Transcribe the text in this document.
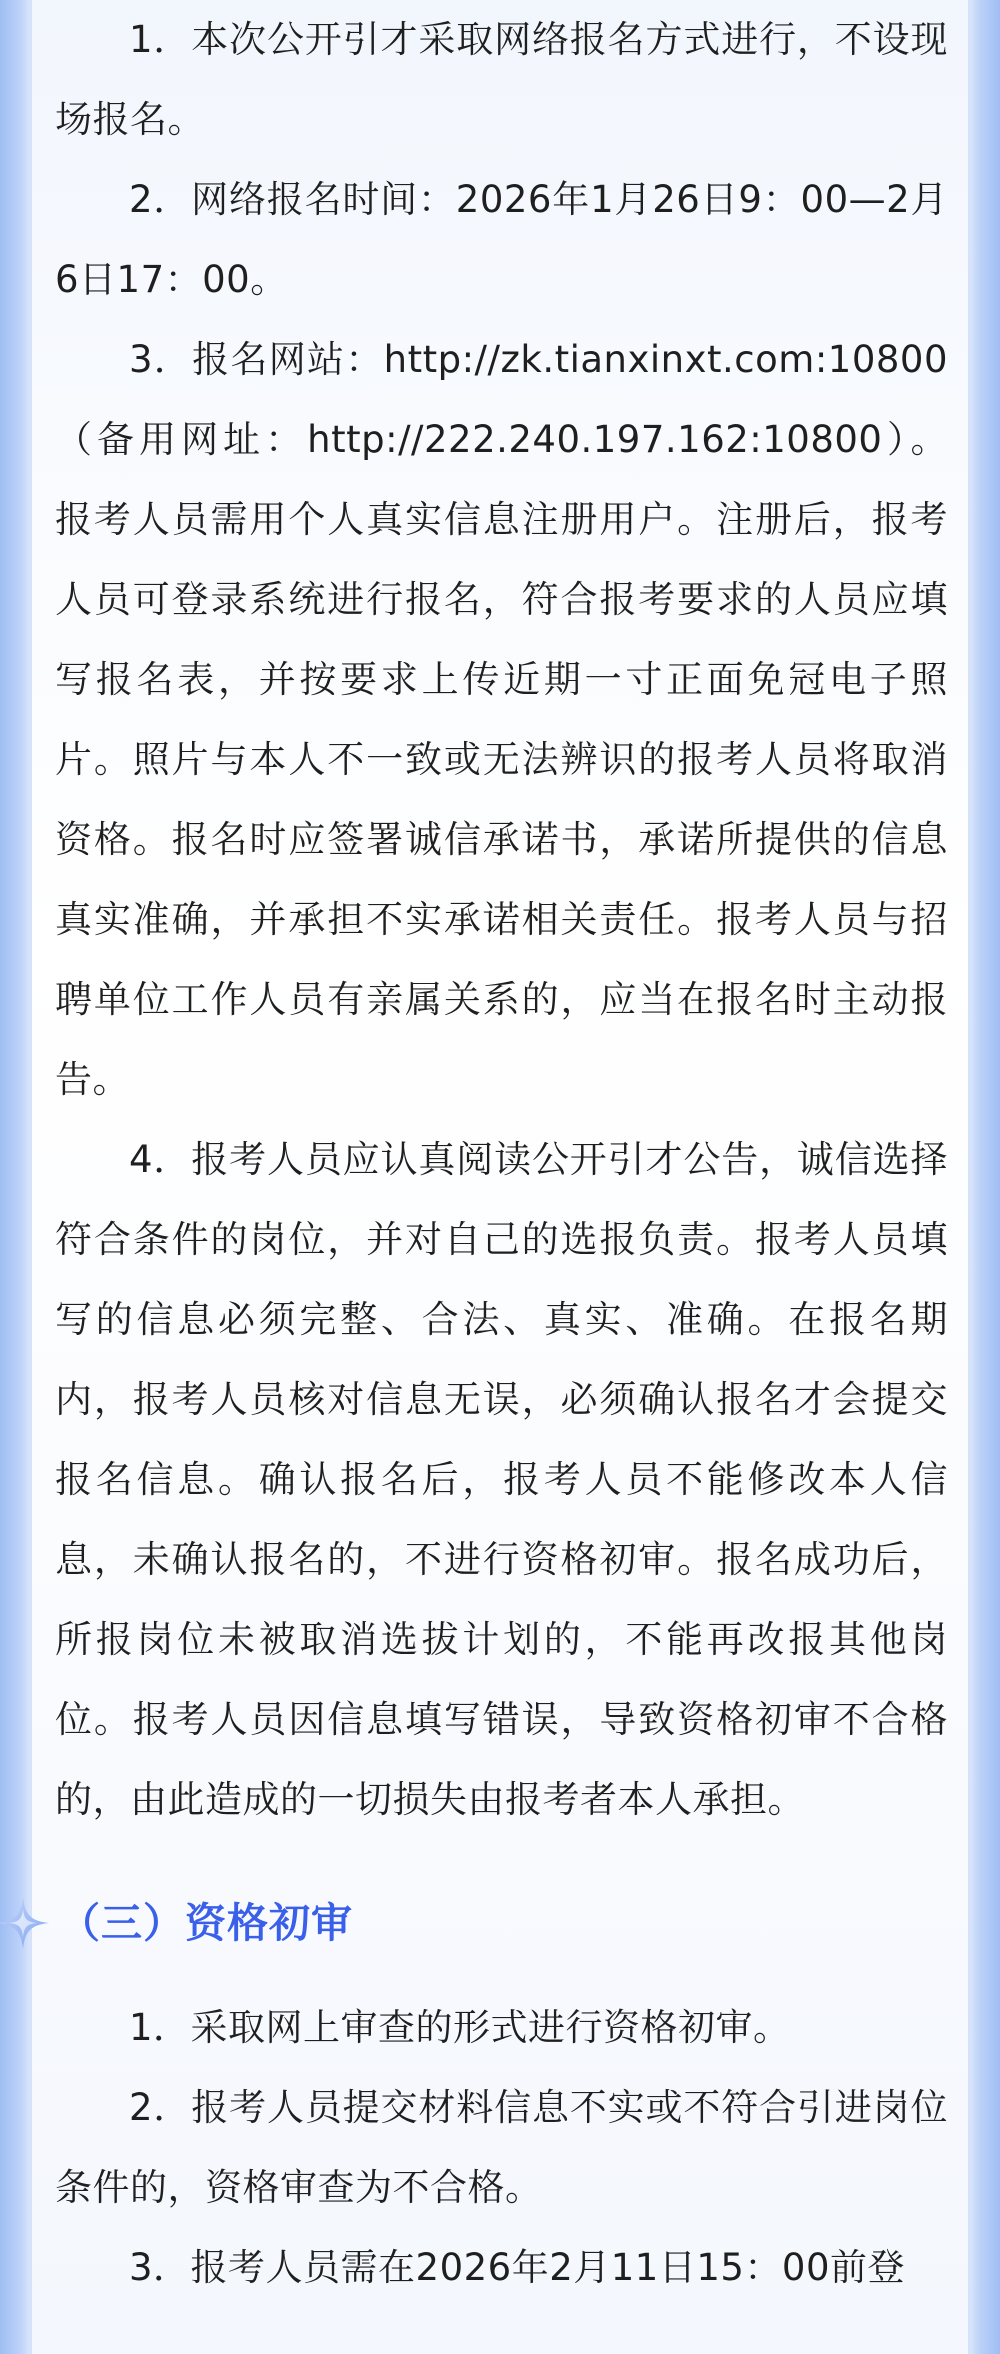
1．本次公开引才采取网络报名方式进行，不设现场报名。

2．网络报名时间：2026年1月26日9：00—2月6日17：00。

3．报名网站：http://zk.tianxinxt.com:10800（备用网址：http://222.240.197.162:10800）。报考人员需用个人真实信息注册用户。注册后，报考人员可登录系统进行报名，符合报考要求的人员应填写报名表，并按要求上传近期一寸正面免冠电子照片。照片与本人不一致或无法辨识的报考人员将取消资格。报名时应签署诚信承诺书，承诺所提供的信息真实准确，并承担不实承诺相关责任。报考人员与招聘单位工作人员有亲属关系的，应当在报名时主动报告。

4．报考人员应认真阅读公开引才公告，诚信选择符合条件的岗位，并对自己的选报负责。报考人员填写的信息必须完整、合法、真实、准确。在报名期内，报考人员核对信息无误，必须确认报名才会提交报名信息。确认报名后，报考人员不能修改本人信息，未确认报名的，不进行资格初审。报名成功后，所报岗位未被取消选拔计划的，不能再改报其他岗位。报考人员因信息填写错误，导致资格初审不合格的，由此造成的一切损失由报考者本人承担。

（三）资格初审

1．采取网上审查的形式进行资格初审。

2．报考人员提交材料信息不实或不符合引进岗位条件的，资格审查为不合格。

3．报考人员需在2026年2月11日15：00前登
